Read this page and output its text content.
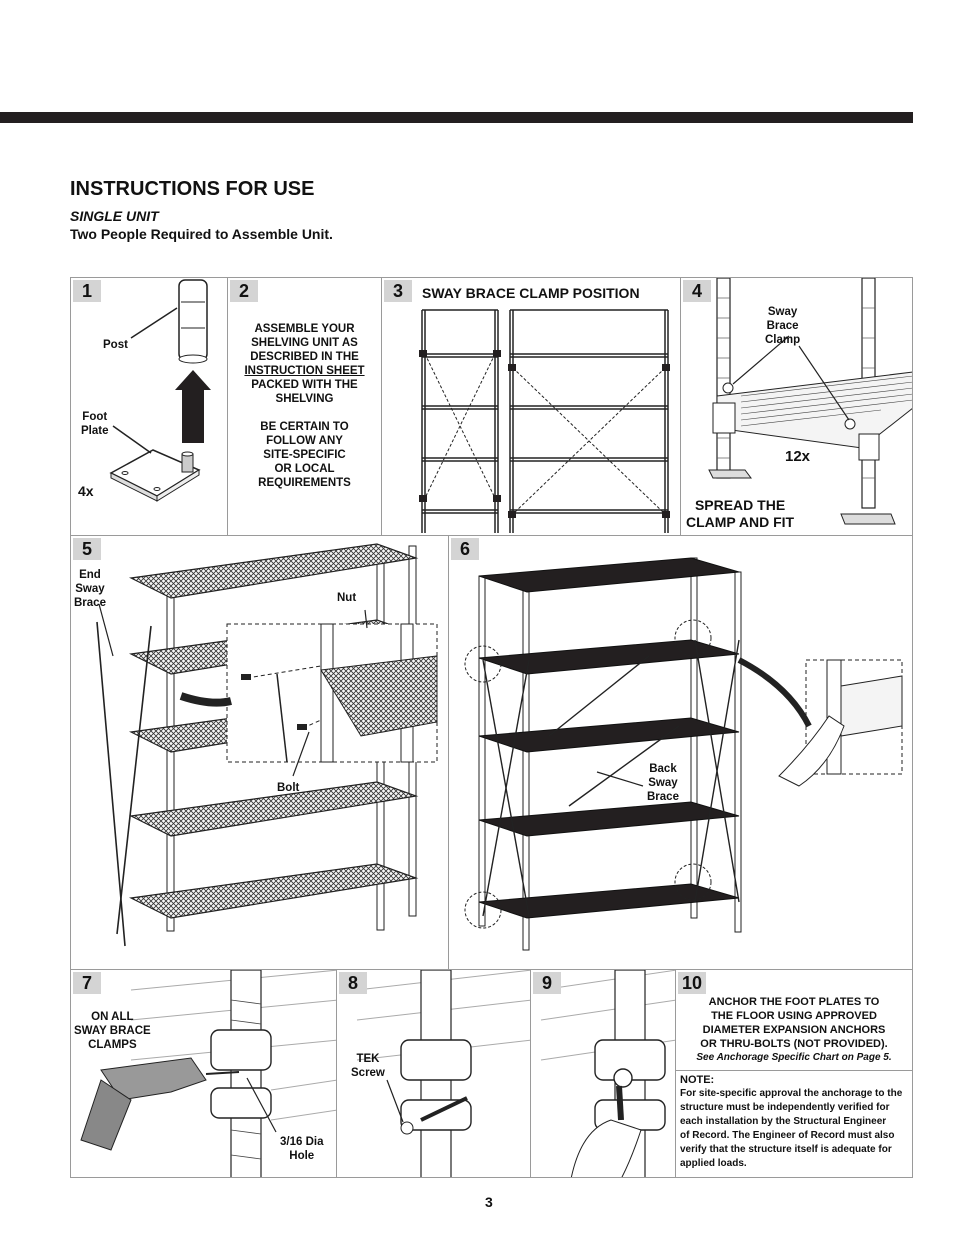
INSTRUCTIONS FOR USE
SINGLE UNIT
Two People Required to Assemble Unit.
1
Post
Foot
Plate
4x
2
ASSEMBLE YOUR
SHELVING UNIT AS
DESCRIBED IN THE
INSTRUCTION SHEET
PACKED WITH THE
SHELVING
BE CERTAIN TO
FOLLOW ANY
SITE-SPECIFIC
OR LOCAL
REQUIREMENTS
3	SWAY BRACE CLAMP POSITION	4
Sway
Brace
Clamp
12x
SPREAD THE
CLAMP AND FIT
5
End
Sway
Brace	Nut
Bolt
6
Back
Sway
Brace
7
ON ALL
SWAY BRACE
CLAMPS
3/16 Dia
Hole
8
TEK
Screw
9	10
ANCHOR THE FOOT PLATES TO
THE FLOOR USING APPROVED
DIAMETER EXPANSION ANCHORS
OR THRU-BOLTS (NOT PROVIDED).
See Anchorage Specific Chart on Page 5.
NOTE:
For site-specific approval the anchorage to the
structure must be independently verified for
each installation by the Structural Engineer
of Record. The Engineer of Record must also
verify that the structure itself is adequate for
applied loads.
3
